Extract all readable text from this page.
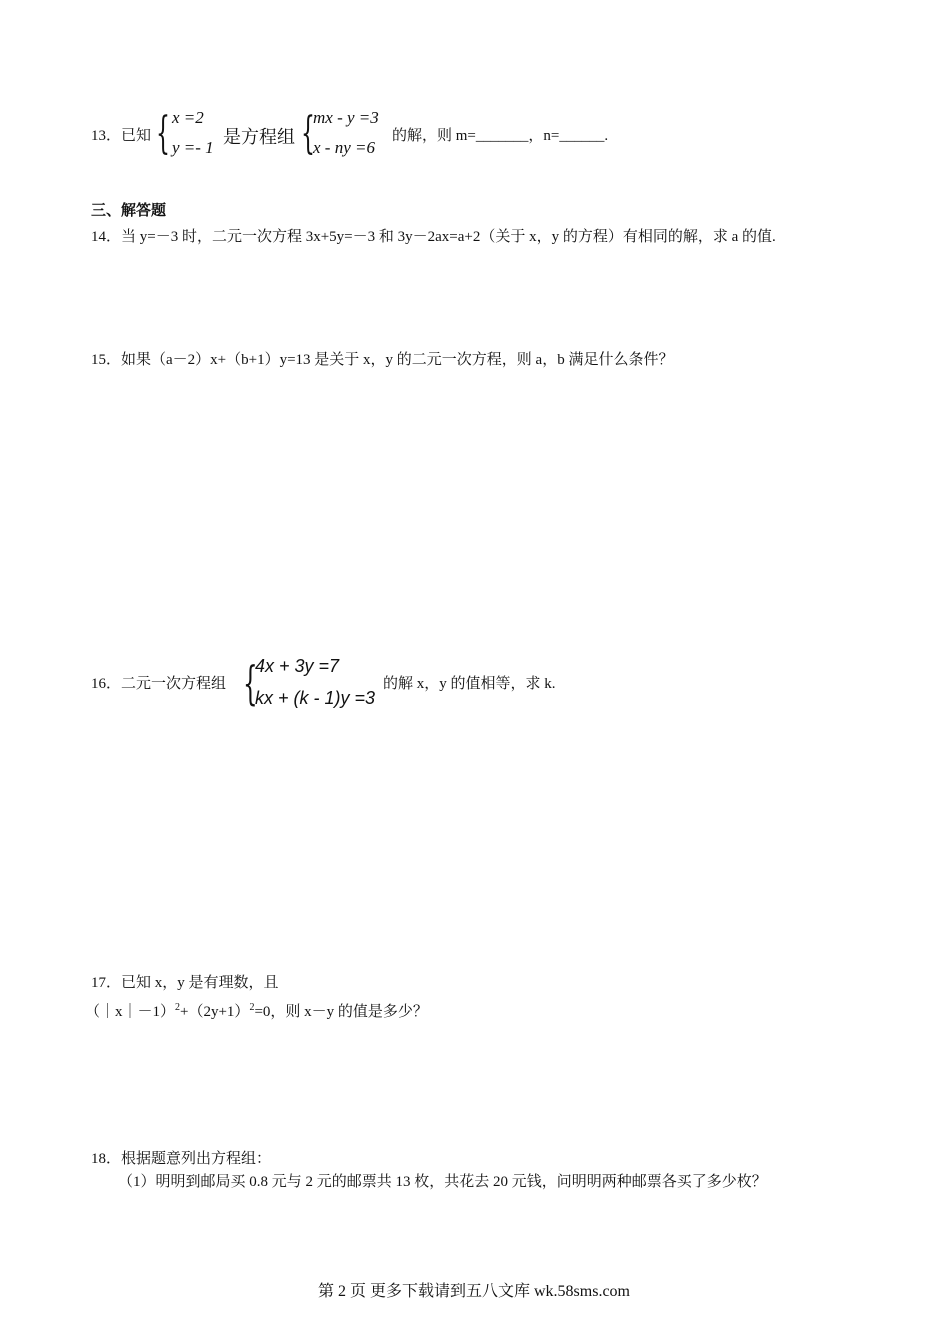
13．已知 { x =2
y =- 1 是方程组 {
mx - y =3
x - ny =6
的解，则 m=_______，n=______.
三、解答题
14．当 y=－3 时，二元一次方程 3x+5y=－3 和 3y－2ax=a+2（关于 x，y 的方程）有相同的解，求 a 的值.
15．如果（a－2）x+（b+1）y=13 是关于 x，y 的二元一次方程，则 a，b 满足什么条件？
16．二元一次方程组 {
4x + 3y =7
kx + (k - 1)y =3
的解 x，y 的值相等，求 k.
17．已知 x，y 是有理数，且
$(|x|-1)^2+(2y+1)^2=0$，则 x－y 的值是多少？
18．根据题意列出方程组：
（1）明明到邮局买 0.8 元与 2 元的邮票共 13 枚，共花去 20 元钱，问明明两种邮票各买了多少枚？
第 2 页 更多下载请到五八文库 wk.58sms.com
